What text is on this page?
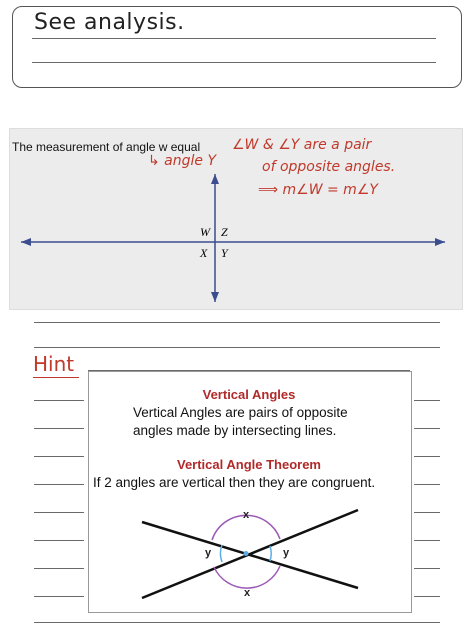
See analysis.
The measurement of angle w equal
↳ angle Y
∠W & ∠Y are a pair
of opposite angles.
⟹ m∠W = m∠Y
W Z
X Y
Hint
Vertical Angles
Vertical Angles are pairs of opposite
angles made by intersecting lines.
Vertical Angle Theorem
If 2 angles are vertical then they are congruent.
x
x
y	y
